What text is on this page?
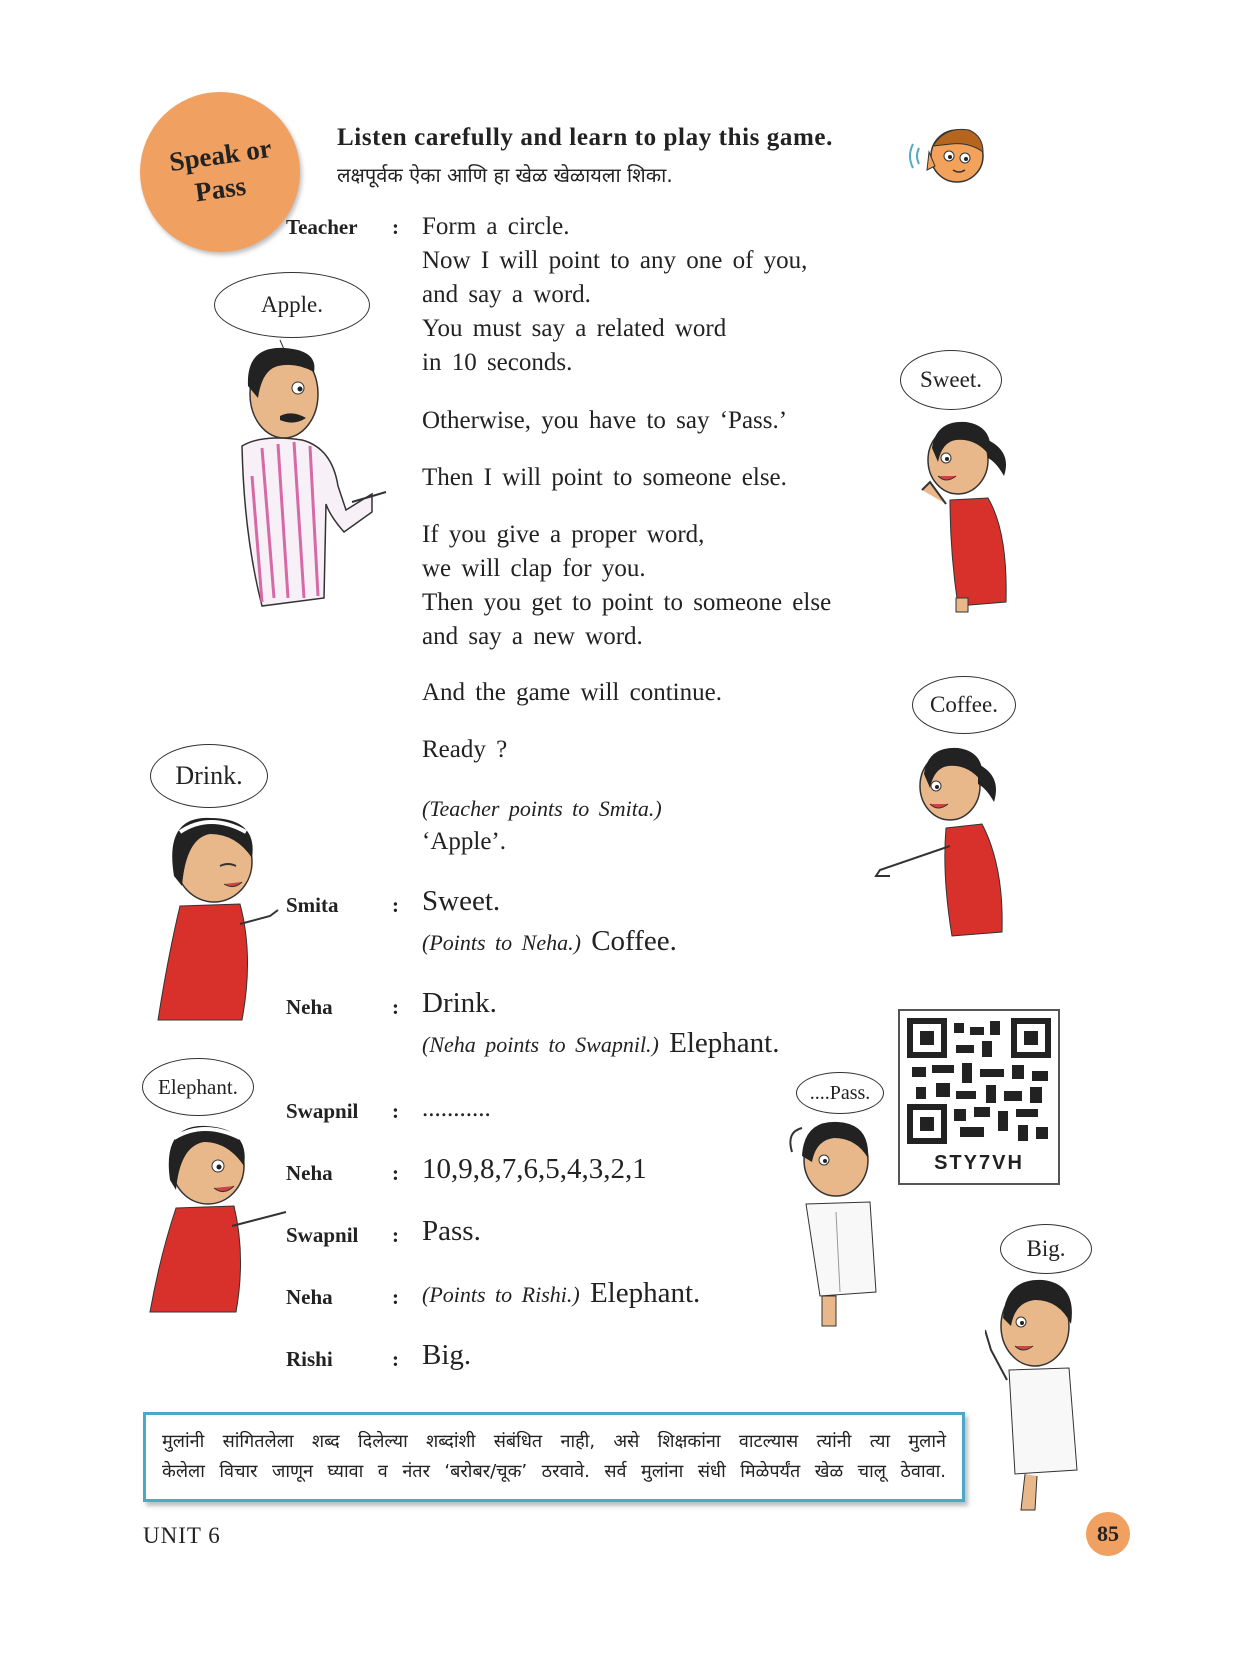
Speak or
Pass
Listen carefully and learn to play this game.
लक्षपूर्वक ऐका आणि हा खेळ खेळायला शिका.
Teacher : Form a circle.
Now I will point to any one of you,
and say a word.
You must say a related word
in 10 seconds.
Otherwise, you have to say ‘Pass.’
Then I will point to someone else.
If you give a proper word,
we will clap for you.
Then you get to point to someone else
and say a new word.
And the game will continue.
Ready ?
(Teacher points to Smita.)
‘Apple’.
Smita	: Sweet.
(Points to Neha.) Coffee.
Neha	: Drink.
(Neha points to Swapnil.) Elephant.
Swapnil : ...........
Neha	: 10,9,8,7,6,5,4,3,2,1
Swapnil : Pass.
Neha	: (Points to Rishi.) Elephant.
Rishi	: Big.
Apple.
Sweet.
Coffee.
Drink.
Elephant.	....Pass.
Big.
STY7VH
मुलांनी सांगितलेला शब्द दिलेल्या शब्दांशी संबंधित नाही, असे शिक्षकांना वाटल्यास त्यांनी त्या मुलाने
केलेला विचार जाणून घ्यावा व नंतर ‘बरोबर/चूक’ ठरवावे. सर्व मुलांना संधी मिळेपर्यंत खेळ चालू ठेवावा.
UNIT 6	85
